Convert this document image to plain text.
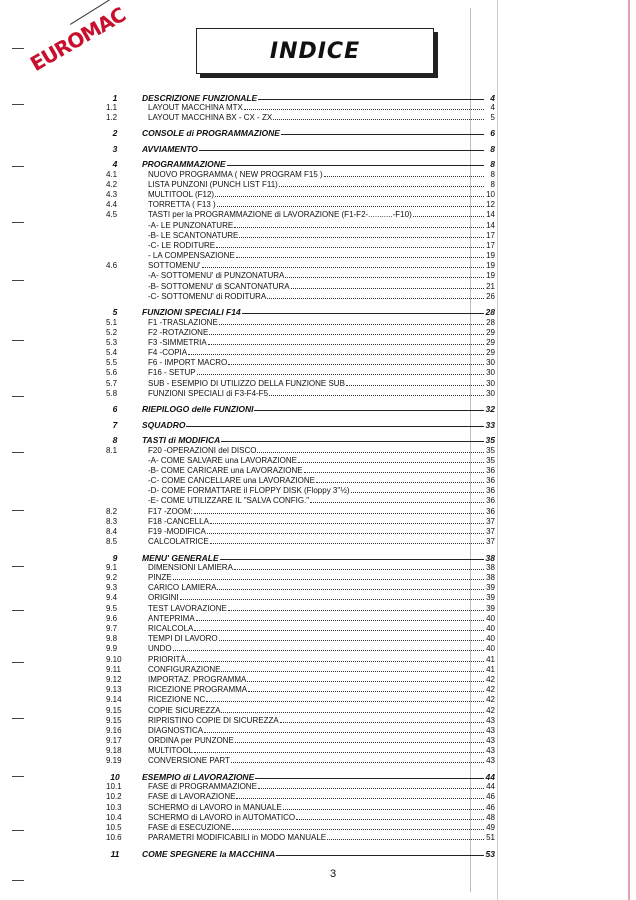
EUROMAC	INDICE
1	DESCRIZIONE FUNZIONALE	4
1.1	LAYOUT MACCHINA MTX	4
1.2	LAYOUT MACCHINA BX - CX - ZX	5
2	CONSOLE di PROGRAMMAZIONE	6
3	AVVIAMENTO	8
4	PROGRAMMAZIONE	8
4.1	NUOVO PROGRAMMA ( NEW PROGRAM F15 )	8
4.2	LISTA PUNZONI (PUNCH LIST F11)	8
4.3	MULTITOOL (F12)	10
4.4	TORRETTA ( F13 )	12
4.5	TASTI per la PROGRAMMAZIONE di LAVORAZIONE (F1-F2-...........-F10)	14
-A- LE PUNZONATURE	14
-B- LE SCANTONATURE	17
-C- LE RODITURE	17
- LA COMPENSAZIONE	19
4.6	SOTTOMENU'	19
-A- SOTTOMENU' di PUNZONATURA	19
-B- SOTTOMENU' di SCANTONATURA	21
-C- SOTTOMENU' di RODITURA	26
5	FUNZIONI SPECIALI F14	28
5.1	F1 -TRASLAZIONE	28
5.2	F2 -ROTAZIONE	29
5.3	F3 -SIMMETRIA	29
5.4	F4 -COPIA	29
5.5	F6 - IMPORT MACRO	30
5.6	F16 - SETUP	30
5.7	SUB - ESEMPIO DI UTILIZZO DELLA FUNZIONE SUB	30
5.8	FUNZIONI SPECIALI di F3-F4-F5	30
6	RIEPILOGO delle FUNZIONI	32
7	SQUADRO	33
8	TASTI di MODIFICA	35
8.1	F20 -OPERAZIONI del DISCO	35
-A- COME SALVARE una LAVORAZIONE	35
-B- COME CARICARE una LAVORAZIONE	36
-C- COME CANCELLARE una LAVORAZIONE	36
-D- COME FORMATTARE il FLOPPY DISK (Floppy 3"½)	36
-E- COME UTILIZZARE IL "SALVA CONFIG."	36
8.2	F17 -ZOOM:	36
8.3	F18 -CANCELLA	37
8.4	F19 -MODIFICA	37
8.5	CALCOLATRICE	37
9	MENU' GENERALE	38
9.1	DIMENSIONI LAMIERA	38
9.2	PINZE	38
9.3	CARICO LAMIERA	39
9.4	ORIGINI	39
9.5	TEST LAVORAZIONE	39
9.6	ANTEPRIMA	40
9.7	RICALCOLA	40
9.8	TEMPI DI LAVORO	40
9.9	UNDO	40
9.10	PRIORITÀ	41
9.11	CONFIGURAZIONE	41
9.12	IMPORTAZ. PROGRAMMA	42
9.13	RICEZIONE PROGRAMMA	42
9.14	RICEZIONE NC	42
9.15	COPIE SICUREZZA	42
9.15	RIPRISTINO COPIE DI SICUREZZA	43
9.16	DIAGNOSTICA	43
9.17	ORDINA per PUNZONE	43
9.18	MULTITOOL	43
9.19	CONVERSIONE PART	43
10	ESEMPIO di LAVORAZIONE	44
10.1	FASE di PROGRAMMAZIONE	44
10.2	FASE di LAVORAZIONE	46
10.3	SCHERMO di LAVORO in MANUALE	46
10.4	SCHERMO di LAVORO in AUTOMATICO	48
10.5	FASE di ESECUZIONE	49
10.6	PARAMETRI MODIFICABILI in MODO MANUALE	51
11	COME SPEGNERE la MACCHINA	53
3
